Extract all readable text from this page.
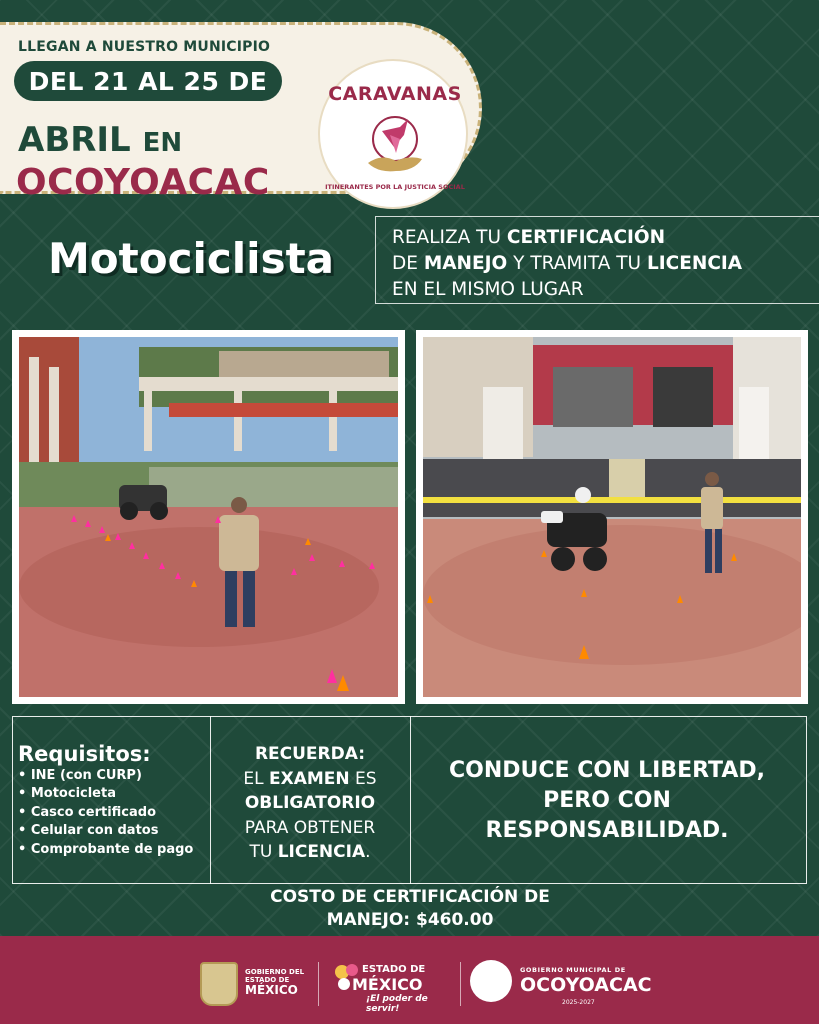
LLEGAN A NUESTRO MUNICIPIO
DEL 21 AL 25 DE
ABRIL EN
OCOYOACAC
CARAVANAS
ITINERANTES POR LA JUSTICIA SOCIAL
Motociclista	REALIZA TU CERTIFICACIÓN
DE MANEJO Y TRAMITA TU LICENCIA
EN EL MISMO LUGAR
Requisitos:
• INE (con CURP)
• Motocicleta
• Casco certificado
• Celular con datos
• Comprobante de pago
RECUERDA:
EL EXAMEN ES
OBLIGATORIO
PARA OBTENER
TU LICENCIA.
CONDUCE CON LIBERTAD,
PERO CON
RESPONSABILIDAD.
COSTO DE CERTIFICACIÓN DE
MANEJO: $460.00
GOBIERNO DEL ESTADO DE
MÉXICO
ESTADO DE
MÉXICO
¡El poder de servir!
GOBIERNO MUNICIPAL DE
OCOYOACAC
2025-2027
